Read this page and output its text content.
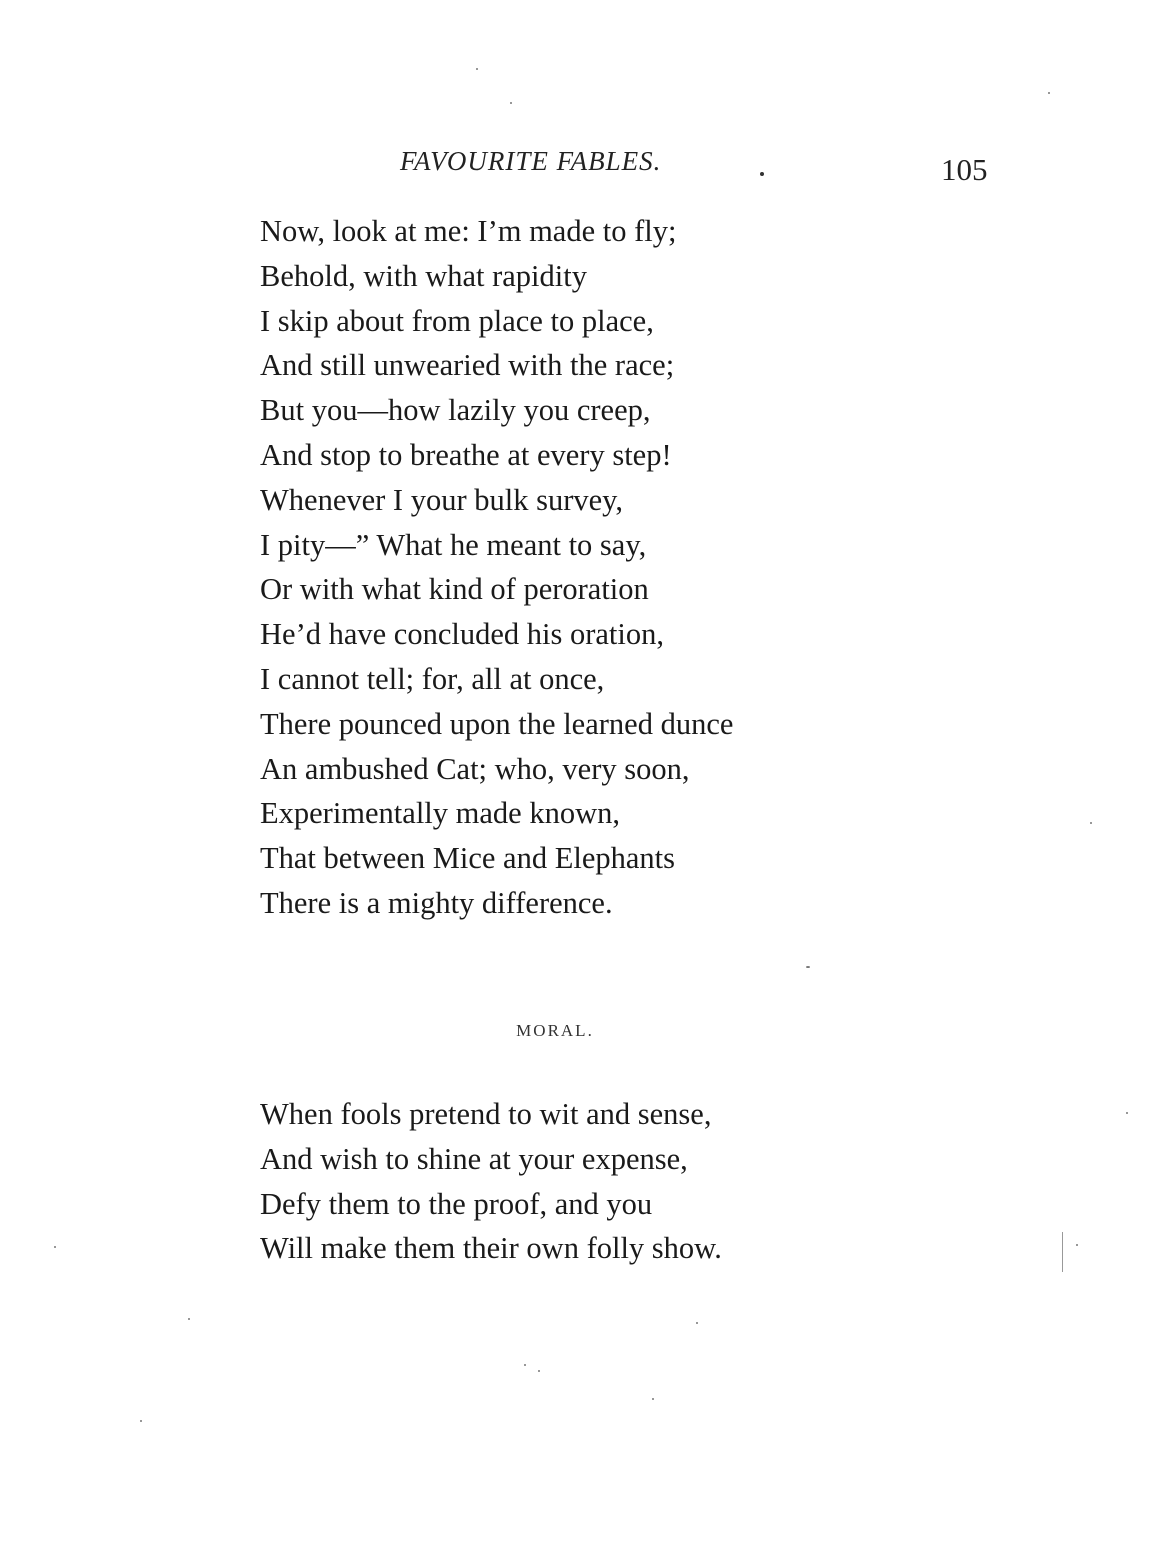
FAVOURITE FABLES.	105
Now, look at me: I’m made to fly;
Behold, with what rapidity
I skip about from place to place,
And still unwearied with the race;
But you—how lazily you creep,
And stop to breathe at every step!
Whenever I your bulk survey,
I pity—” What he meant to say,
Or with what kind of peroration
He’d have concluded his oration,
I cannot tell; for, all at once,
There pounced upon the learned dunce
An ambushed Cat; who, very soon,
Experimentally made known,
That between Mice and Elephants
There is a mighty difference.
MORAL.
When fools pretend to wit and sense,
And wish to shine at your expense,
Defy them to the proof, and you
Will make them their own folly show.
